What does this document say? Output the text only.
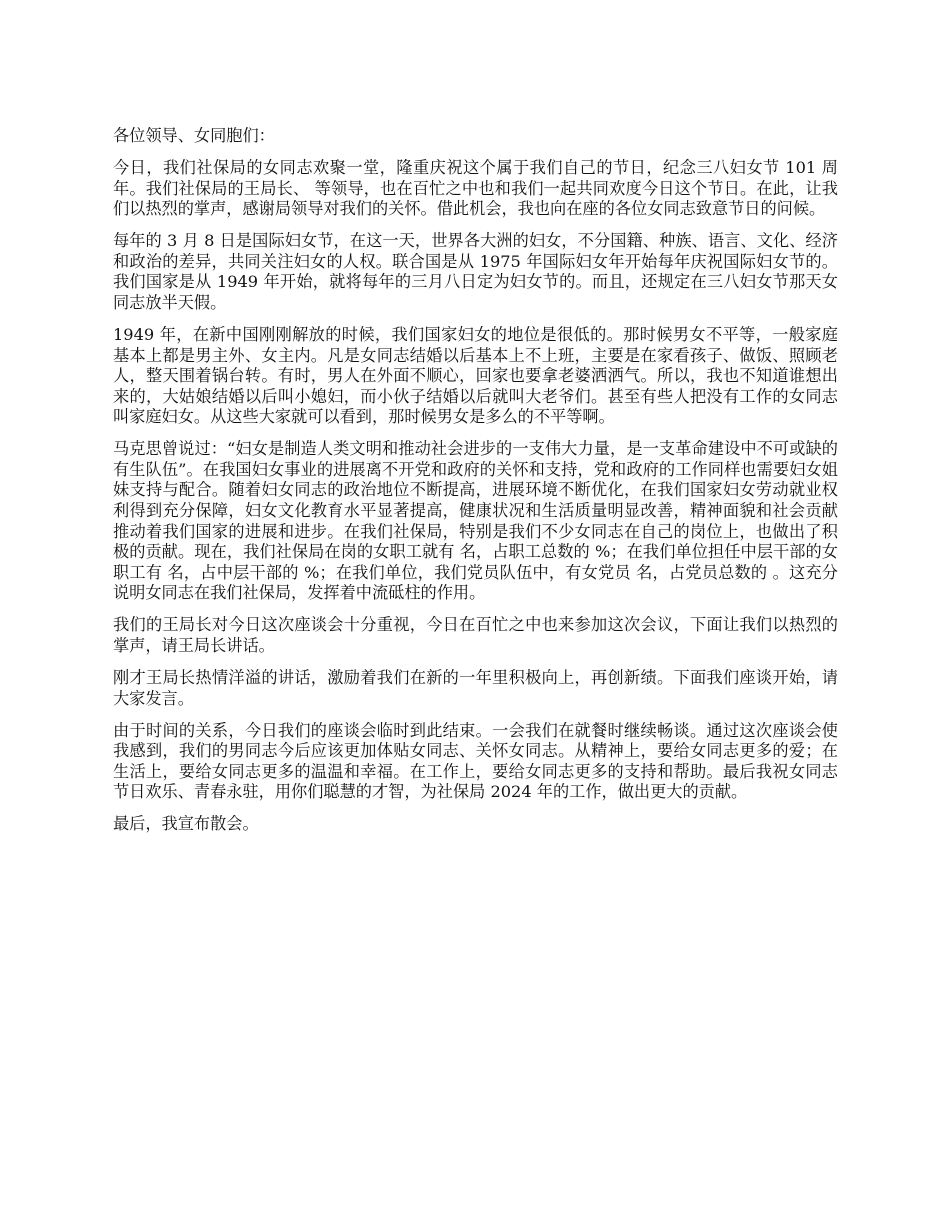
各位领导、女同胞们：

今日，我们社保局的女同志欢聚一堂，隆重庆祝这个属于我们自己的节日，纪念三八妇女节 101 周年。我们社保局的王局长、 等领导，也在百忙之中也和我们一起共同欢度今日这个节日。在此，让我们以热烈的掌声，感谢局领导对我们的关怀。借此机会，我也向在座的各位女同志致意节日的问候。

每年的 3 月 8 日是国际妇女节，在这一天，世界各大洲的妇女，不分国籍、种族、语言、文化、经济和政治的差异，共同关注妇女的人权。联合国是从 1975 年国际妇女年开始每年庆祝国际妇女节的。我们国家是从 1949 年开始，就将每年的三月八日定为妇女节的。而且，还规定在三八妇女节那天女同志放半天假。

1949 年，在新中国刚刚解放的时候，我们国家妇女的地位是很低的。那时候男女不平等，一般家庭基本上都是男主外、女主内。凡是女同志结婚以后基本上不上班，主要是在家看孩子、做饭、照顾老人，整天围着锅台转。有时，男人在外面不顺心，回家也要拿老婆洒洒气。所以，我也不知道谁想出来的，大姑娘结婚以后叫小媳妇，而小伙子结婚以后就叫大老爷们。甚至有些人把没有工作的女同志叫家庭妇女。从这些大家就可以看到，那时候男女是多么的不平等啊。

马克思曾说过：“妇女是制造人类文明和推动社会进步的一支伟大力量，是一支革命建设中不可或缺的有生队伍”。在我国妇女事业的进展离不开党和政府的关怀和支持，党和政府的工作同样也需要妇女姐妹支持与配合。随着妇女同志的政治地位不断提高，进展环境不断优化，在我们国家妇女劳动就业权利得到充分保障，妇女文化教育水平显著提高，健康状况和生活质量明显改善，精神面貌和社会贡献推动着我们国家的进展和进步。在我们社保局，特别是我们不少女同志在自己的岗位上，也做出了积极的贡献。现在，我们社保局在岗的女职工就有 名，占职工总数的 %；在我们单位担任中层干部的女职工有 名，占中层干部的 %；在我们单位，我们党员队伍中，有女党员 名，占党员总数的 。这充分说明女同志在我们社保局，发挥着中流砥柱的作用。

我们的王局长对今日这次座谈会十分重视，今日在百忙之中也来参加这次会议，下面让我们以热烈的掌声，请王局长讲话。

刚才王局长热情洋溢的讲话，激励着我们在新的一年里积极向上，再创新绩。下面我们座谈开始，请大家发言。

由于时间的关系，今日我们的座谈会临时到此结束。一会我们在就餐时继续畅谈。通过这次座谈会使我感到，我们的男同志今后应该更加体贴女同志、关怀女同志。从精神上，要给女同志更多的爱；在生活上，要给女同志更多的温温和幸福。在工作上，要给女同志更多的支持和帮助。最后我祝女同志节日欢乐、青春永驻，用你们聪慧的才智，为社保局 2024 年的工作，做出更大的贡献。

最后，我宣布散会。
